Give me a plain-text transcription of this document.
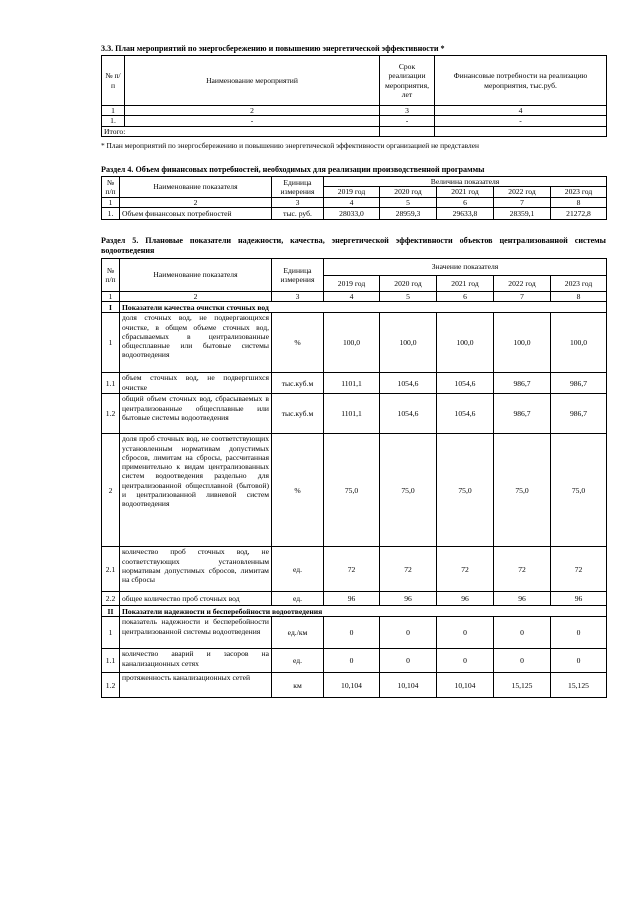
3.3. План мероприятий по энергосбережению и повышению энергетической эффективности *
№ п/п	Наименование мероприятий	Срок реализации мероприятия, лет	Финансовые потребности на реализацию мероприятия, тыс.руб.
1	2	3	4
1.	-	-	-
Итого:			
* План мероприятий по энергосбережению и повышению энергетической эффективности организацией не представлен
Раздел 4. Объем финансовых потребностей, необходимых для реализации производственной программы
№ п/п	Наименование показателя	Единица измерения	Величина показателя				
			2019 год	2020 год	2021 год	2022 год	2023 год
1	2	3	4	5	6	7	8
1.	Объем финансовых потребностей	тыс. руб.	28033,0	28959,3	29633,8	28359,1	21272,8
Раздел 5. Плановые показатели надежности, качества, энергетической эффективности объектов централизованной системы водоотведения
№ п/п	Наименование показателя	Единица измерения	Значение показателя				
			2019 год	2020 год	2021 год	2022 год	2023 год
1	2	3	4	5	6	7	8
I	Показатели качества очистки сточных вод						
1	доля сточных вод, не подвергающихся очистке, в общем объеме сточных вод, сбрасываемых в централизованные общесплавные или бытовые системы водоотведения	%	100,0	100,0	100,0	100,0	100,0
1.1	объем сточных вод, не подвергшихся очистке	тыс.куб.м	1101,1	1054,6	1054,6	986,7	986,7
1.2	общий объем сточных вод, сбрасываемых в централизованные общесплавные или бытовые системы водоотведения	тыс.куб.м	1101,1	1054,6	1054,6	986,7	986,7
2	доля проб сточных вод, не соответствующих установленным нормативам допустимых сбросов, лимитам на сбросы, рассчитанная применительно к видам централизованных систем водоотведения раздельно для централизованной общесплавной (бытовой) и централизованной ливневой систем водоотведения	%	75,0	75,0	75,0	75,0	75,0
2.1	количество проб сточных вод, не соответствующих установленным нормативам допустимых сбросов, лимитам на сбросы	ед.	72	72	72	72	72
2.2	общее количество проб сточных вод	ед.	96	96	96	96	96
II	Показатели надежности и бесперебойности водоотведения						
1	показатель надежности и бесперебойности централизованной системы водоотведения	ед./км	0	0	0	0	0
1.1	количество аварий и засоров на канализационных сетях	ед.	0	0	0	0	0
1.2	протяженность канализационных сетей	км	10,104	10,104	10,104	15,125	15,125
